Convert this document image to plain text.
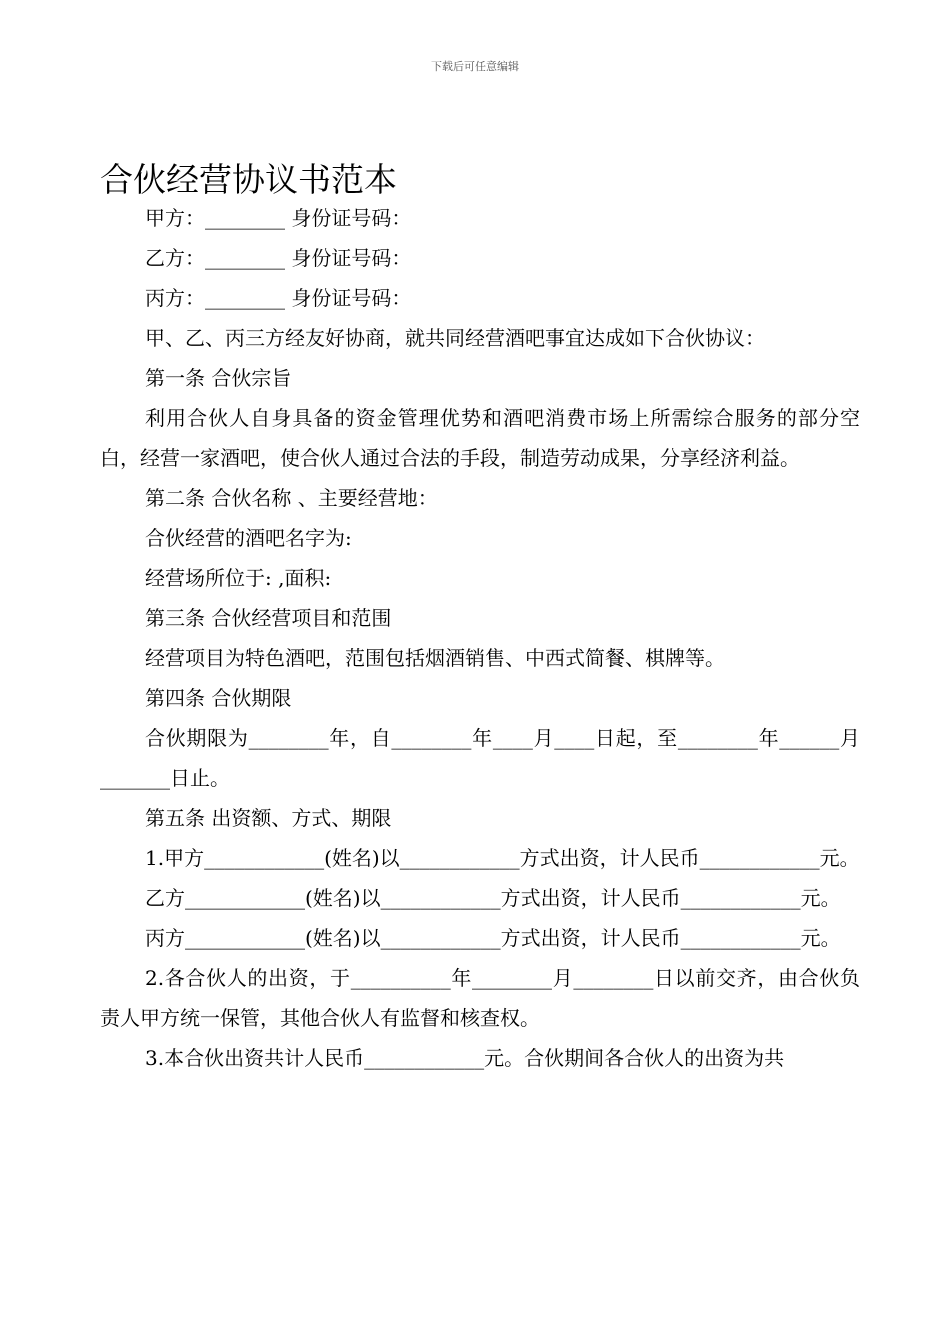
下载后可任意编辑
合伙经营协议书范本

甲方：________ 身份证号码：

乙方：________ 身份证号码：

丙方：________ 身份证号码：

甲、乙、丙三方经友好协商，就共同经营酒吧事宜达成如下合伙协议：

第一条 合伙宗旨

利用合伙人自身具备的资金管理优势和酒吧消费市场上所需综合服务的部分空白，经营一家酒吧，使合伙人通过合法的手段，制造劳动成果，分享经济利益。

第二条 合伙名称 、主要经营地：

合伙经营的酒吧名字为:

经营场所位于: ,面积:

第三条 合伙经营项目和范围

经营项目为特色酒吧，范围包括烟酒销售、中西式简餐、棋牌等。

第四条 合伙期限

合伙期限为________年，自________年____月____日起，至________年______月_______日止。

第五条 出资额、方式、期限

1.甲方____________(姓名)以____________方式出资，计人民币____________元。

乙方____________(姓名)以____________方式出资，计人民币____________元。

丙方____________(姓名)以____________方式出资，计人民币____________元。

2.各合伙人的出资，于__________年________月________日以前交齐，由合伙负责人甲方统一保管，其他合伙人有监督和核查权。

3.本合伙出资共计人民币____________元。合伙期间各合伙人的出资为共
